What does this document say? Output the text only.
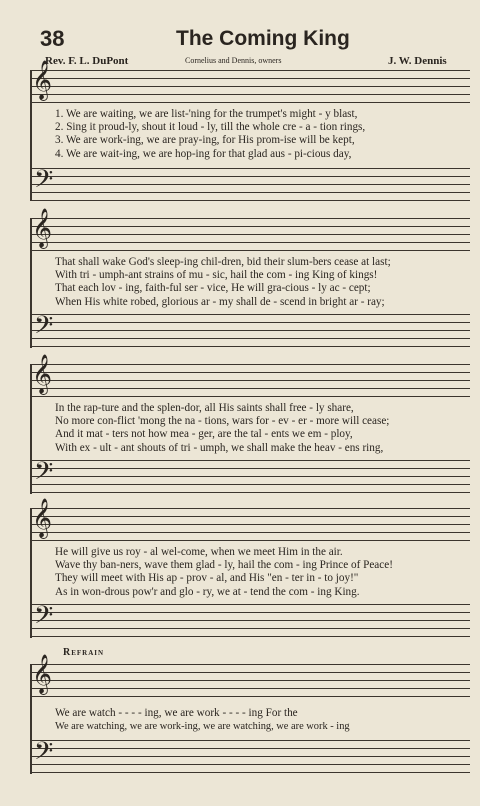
38	The Coming King
Rev. F. L. DuPont	Cornelius and Dennis, owners	J. W. Dennis
𝄞
1. We are waiting, we are list-'ning for the trumpet's might - y blast,
2. Sing it proud-ly, shout it loud - ly, till the whole cre - a - tion rings,
3. We are work-ing, we are pray-ing, for His prom-ise will be kept,
4. We are wait-ing, we are hop-ing for that glad aus - pi-cious day,
𝄢
𝄞
That shall wake God's sleep-ing chil-dren, bid their slum-bers cease at last;
With tri - umph-ant strains of mu - sic, hail the com - ing King of kings!
That each lov - ing, faith-ful ser - vice, He will gra-cious - ly ac - cept;
When His white robed, glorious ar - my shall de - scend in bright ar - ray;
𝄢
𝄞
In the rap-ture and the splen-dor, all His saints shall free - ly share,
No more con-flict 'mong the na - tions, wars for - ev - er - more will cease;
And it mat - ters not how mea - ger, are the tal - ents we em - ploy,
With ex - ult - ant shouts of tri - umph, we shall make the heav - ens ring,
𝄢
𝄞
He will give us roy - al wel-come, when we meet Him in the air.
Wave thy ban-ners, wave them glad - ly, hail the com - ing Prince of Peace!
They will meet with His ap - prov - al, and His "en - ter in - to joy!"
As in won-drous pow'r and glo - ry, we at - tend the com - ing King.
𝄢
Refrain
𝄞
We are watch - - - - ing, we are work - - - - ing For the
We are watching, we are work-ing, we are watching, we are work - ing
𝄢
